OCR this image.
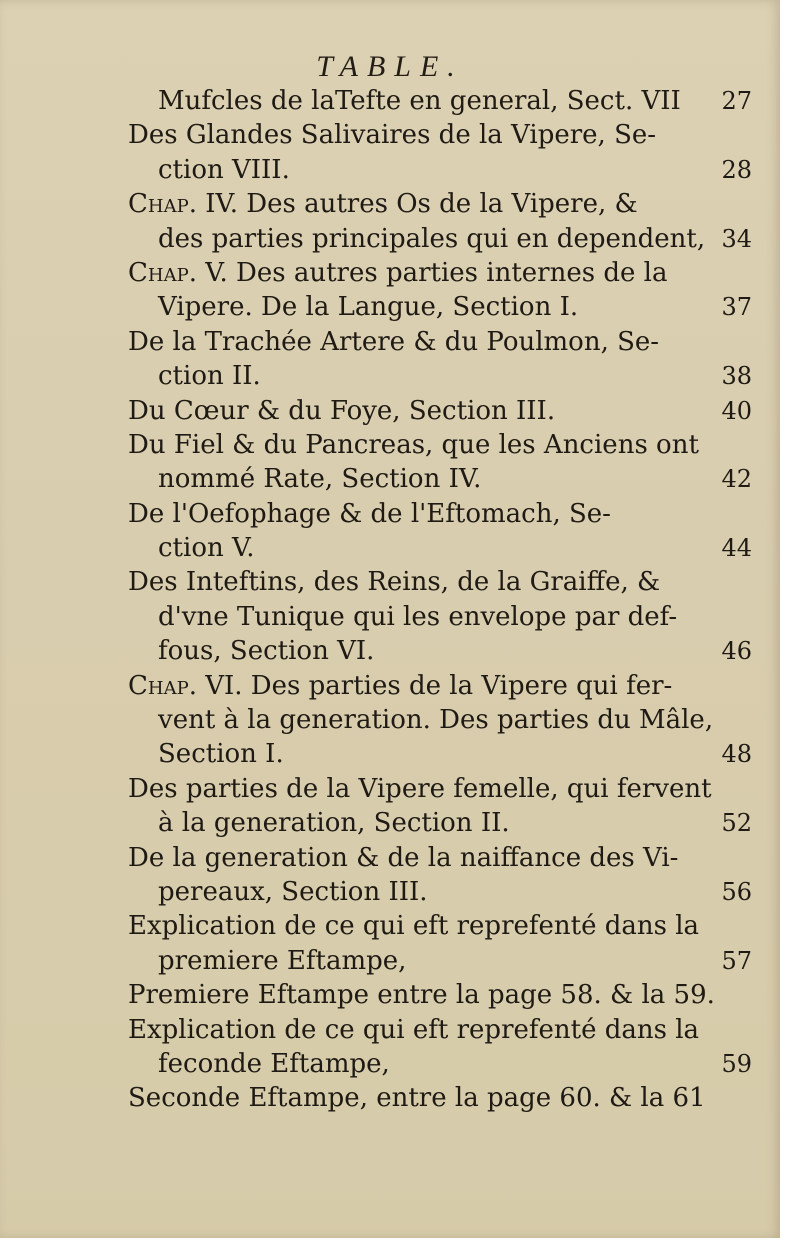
TABLE.
Mufcles de laTefte en general, Sect. VII	27
Des Glandes Salivaires de la Vipere, Se-
ction VIII.	28
Chap. IV. Des autres Os de la Vipere, &
des parties principales qui en dependent, 34
Chap. V. Des autres parties internes de la
Vipere. De la Langue, Section I.	37
De la Trachée Artere & du Poulmon, Se-
ction II.	38
Du Cœur & du Foye, Section III.	40
Du Fiel & du Pancreas, que les Anciens ont
nommé Rate, Section IV.	42
De l'Oefophage & de l'Eftomach, Se-
ction V.	44
Des Inteftins, des Reins, de la Graiffe, &
d'vne Tunique qui les envelope par def-
fous, Section VI.	46
Chap. VI. Des parties de la Vipere qui fer-
vent à la generation. Des parties du Mâle,
Section I.	48
Des parties de la Vipere femelle, qui fervent
à la generation, Section II.	52
De la generation & de la naiffance des Vi-
pereaux, Section III.	56
Explication de ce qui eft reprefenté dans la
premiere Eftampe,	57
Premiere Eftampe entre la page 58. & la 59.
Explication de ce qui eft reprefenté dans la
feconde Eftampe,	59
Seconde Eftampe, entre la page 60. & la 61
